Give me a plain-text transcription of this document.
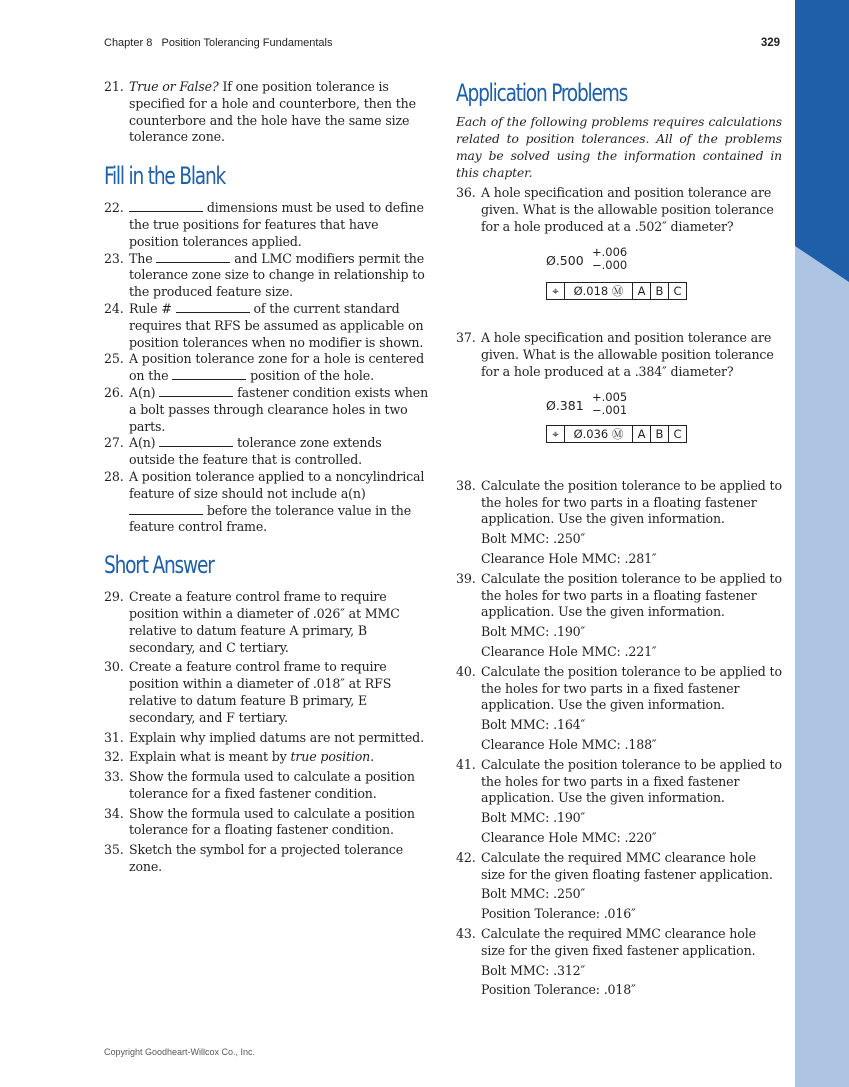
Chapter 8   Position Tolerancing Fundamentals	329
21. True or False? If one position tolerance is specified for a hole and counterbore, then the counterbore and the hole have the same size tolerance zone.
Fill in the Blank
22.	dimensions must be used to define the true positions for features that have position tolerances applied.
23. The	and LMC modifiers permit the tolerance zone size to change in relationship to the produced feature size.
24. Rule #	of the current standard requires that RFS be assumed as applicable on position tolerances when no modifier is shown.
25. A position tolerance zone for a hole is centered on the	position of the hole.
26. A(n)	fastener condition exists when a bolt passes through clearance holes in two parts.
27. A(n)	tolerance zone extends outside the feature that is controlled.
28. A position tolerance applied to a noncylindrical feature of size should not include a(n)  before the tolerance value in the feature control frame.
Short Answer
29. Create a feature control frame to require position within a diameter of .026″ at MMC relative to datum feature A primary, B secondary, and C tertiary.
30. Create a feature control frame to require position within a diameter of .018″ at RFS relative to datum feature B primary, E secondary, and F tertiary.
31. Explain why implied datums are not permitted.
32. Explain what is meant by true position.
33. Show the formula used to calculate a position tolerance for a fixed fastener condition.
34. Show the formula used to calculate a position tolerance for a floating fastener condition.
35. Sketch the symbol for a projected tolerance zone.
Application Problems
Each of the following problems requires calculations related to position tolerances. All of the problems may be solved using the information contained in this chapter.
36. A hole specification and position tolerance are given. What is the allowable position tolerance for a hole produced at a .502″ diameter?
Ø.500
+.006
−.000
⌖	Ø.018 Ⓜ	A B C
37. A hole specification and position tolerance are given. What is the allowable position tolerance for a hole produced at a .384″ diameter?
Ø.381
+.005
−.001
⌖	Ø.036 Ⓜ	A B C
38. Calculate the position tolerance to be applied to the holes for two parts in a floating fastener application. Use the given information.
Bolt MMC: .250″
Clearance Hole MMC: .281″
39. Calculate the position tolerance to be applied to the holes for two parts in a floating fastener application. Use the given information.
Bolt MMC: .190″
Clearance Hole MMC: .221″
40. Calculate the position tolerance to be applied to the holes for two parts in a fixed fastener application. Use the given information.
Bolt MMC: .164″
Clearance Hole MMC: .188″
41. Calculate the position tolerance to be applied to the holes for two parts in a fixed fastener application. Use the given information.
Bolt MMC: .190″
Clearance Hole MMC: .220″
42. Calculate the required MMC clearance hole size for the given floating fastener application.
Bolt MMC: .250″
Position Tolerance: .016″
43. Calculate the required MMC clearance hole size for the given fixed fastener application.
Bolt MMC: .312″
Position Tolerance: .018″
Copyright Goodheart-Willcox Co., Inc.
